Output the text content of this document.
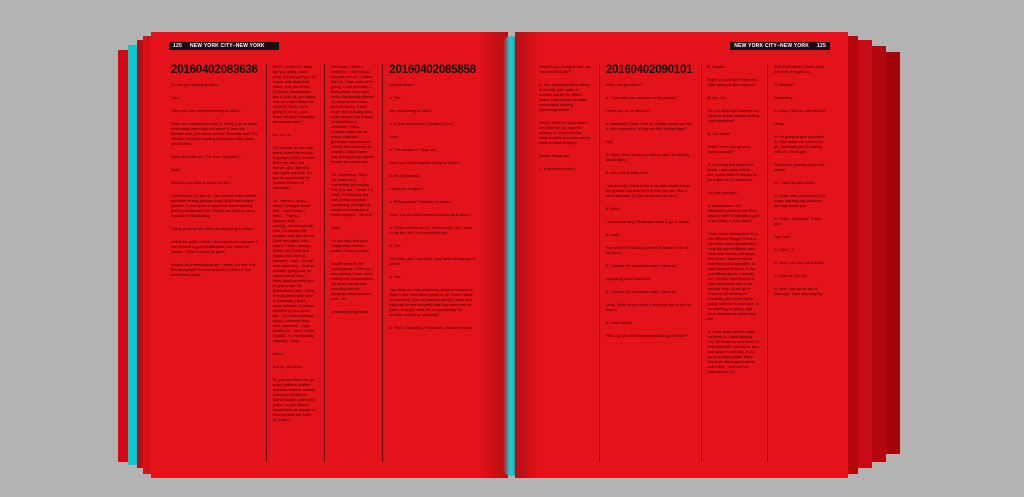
125	NEW YORK CITY–NEW YORK
20160402083636

Hi, are you looking at Mars?

I am.

Have you ever imagined being on Mars?

Yeah, um, everybody tends to, lately, just so much information has come out about it, from the Martian and, you know, movies. Recently was The Martian, and then reading the stories after, that's about Mars.

Yeah, it's in the air? For sure. Daughter?

Yeah.

What do you think it would be like?

I don't know. It's sort of... the visions in the exhibit, and then seeing pictures from NASA and others, I wonder. It seems like it would be overwhelming, just the landscape, but I think if we went to see it, it would be fascinating.

I think yeah, do you think we should go to Mars?

I think so, yeah. I think, I don't know, I'm not sure I can think of a good justification, but I think we should. I think it would be good.

Maybe, it's interesting to me. I mean, it's sort of a few and search to send humans to Mars in the next fifteen years.

Mhhh, what's it's, what are you going, more, what, I'm just going to do it now, why does that make, and, you know, it's Earth. Imagination, like a Lost, all, you know, one, you can't make the world fit. Yeah, we're going to be out, you know, be sure it actually did happen here?

No, no, no.

Oh, I mean, do you feel that's where the human is going to Mars, it's fine, there are also, the human race, like only can't walk out from, it's just an opportunity for another version of humanity?

Uh, I mean I, yeah, I haven't thought about that. I don't know. I think... That's a... humans and... looking...out everybody. Like, I'm across the wonder, and, and for the Earth and gone, into space, I think, change those, our, Earth and maybe this, kind of humans... that... I'm not even sure how... And so, actually, going and, as maybe we're here, I think, just the world and of, you know, the generations, who, I think, it could affect your view of humanity. I don't know, whether it creates something, you know, like... And then thinking about, someone who, who, someone... how would you... who, I think, I could... be emotionally affected, I think.

Mhhm.

But ok, you know.

Do you feel like if we go to the millions of other humans, want to witness a human society on Mars through a hundred years, do you think it would have an impact on how humans live back on Earth?

You know, I think it would be. I don't know, how we sort of... I mean, like I'd... Like, now we're going, I was probably, I think about, when you know, the literally viewed as, beyond the moon, and of course, it had huge. But, actually, now, when people see images on television or whatever, I think, because there are so many computer-generated pictures and others, they become so realistic, I don't know that seeing things affects people the same way.

Oh, interesting. Right. No, that's very interesting you saying that you can, I mean, it's what, I'm thinking, the sort of most-inspired everything, through the media or this sense of what happens... as real?

Yeah.

Do you feel, that your imagination renders reality? Funny reality?

Maybe another, for movie goers, I think so. I was having, I was, more having this conversation, we have, having this morning with my daughter about science and... so...

(recording stops and)

20160402085858

Are you there?

A: Yes.

Are you looking at Mars?

A: Is that what this is? (laughs) Mars?

Yeah.

A: The sculpture. Okay, um.

Have you ever imagined being on Mars?

A: No. (skeptical)

Could you imagine?

A: Bring pause? Probably for my fun.

Yeah. Do you think humans should go to Mars?

A: If they want to do fun. Not to really, but I want to, do fun. It's, I'm not going to go.

B: Yes.

Yes think, yes? You think, they have already got to Mars?

B: Yes.

Yes, think of a few proposals, at send humans to Mars in the next fifteen years or so. Some. What do you think, like, do humans going to Mars and they can be the humanity that has been here on Earth, or is you think it's an opportunity for another version of humanity?

B: Yeah, it probably, it has hard, another version.

NEW YORK CITY–NEW YORK	125

What do you imagine that, we can would be like?

B: Um, someone that's sitting at the top, just make or another planet, for fifteen years. I don't know, humans comfortable leaving something builder.

Which, What do think about the Earth for far, I guess, millions of other humans, want to settle a human colony back on Mars through.

Earlier, things get.

(...a distorted sound)

20160402090101

Hello, are you there?

A: That's like you, are you on the phone?

I hear you, to be able it's?

A: Awesome! Okay, hold on. Really, would you like it, with a question, to this exhibit? Is that Mars?

Yep!

A: Okay. What would you like to ask? Something about Mars?

B: Um, why is Mars red?

I don't know. I think it has to do with what's inside the ground and how far it is from the sun. But, I am a scientist. Do you know why it's red?

B: Why?

I don't know why. Would you want to go to Mars?

B: Yeah.

You would? What do you think it would be like to be there?

B: I want to be a scientist when I grow up.

(laughing) What was that?

B: I want to be a scientist when I grow up.

Okay. What do you think it would be like to live on Mars?

B: I don't know.

Yeah. Do you think humans should go to Mars?

B: Maybe.

Right. Do you think there are other aliens in the universe?

B: Um, no.

Do you think that humans can travel to space without getting fully separated?

B: Um, yeah!

Yeah? Have you gone to space already?

A: I'm being this space but, kinda... you agree this is... like, cause there's already to be a little bit of emptiness...

Do that together?

A: Is that plane, the installation piece on the floor, what is that? Is that like a part of the Mars, is that Mars?

I don't know. A long time for a few different things. I think it can have some sensitivities. I think it's one exhibition with there and human pathways. And when I learned about how hard and expensive, to take humans to Mars, in the next fifteen years, I wonder, feel. Do you think that it's a very interesting way or far, wonder how, do we go in terms of, all dreams of humanity, and where we're going, that the human race, to be traveling to space, and what do races in space look like.

A: Yeah, that's what it made me think of, I was thinking this, on Earth we can travel to new detection, you know, and sea space travel and, if you go to another planet, there has to be like a groundwork and if this... and can we understand. So...

And that's what I, that's what the time, thought too.

B: Mahmo?

Interesting.

A: Okay, Hold on one second.

Okay.

A: I'm going to give you back to, that before we have to to go, but thank you for talking with us. I think you.

Thanks for picking up the red phone.

B: ...want to put it down.

A: Okay, well, you could put it down, but first say goodbye and say thank you.

B: Okay... Goodbye! Thank you!

Bye, bye!

B: Can't...?

B: Yeah, you can put it down.

B: How do I go up?

B: Yeah, just go on top of Mars-ish. Then stop playing.
